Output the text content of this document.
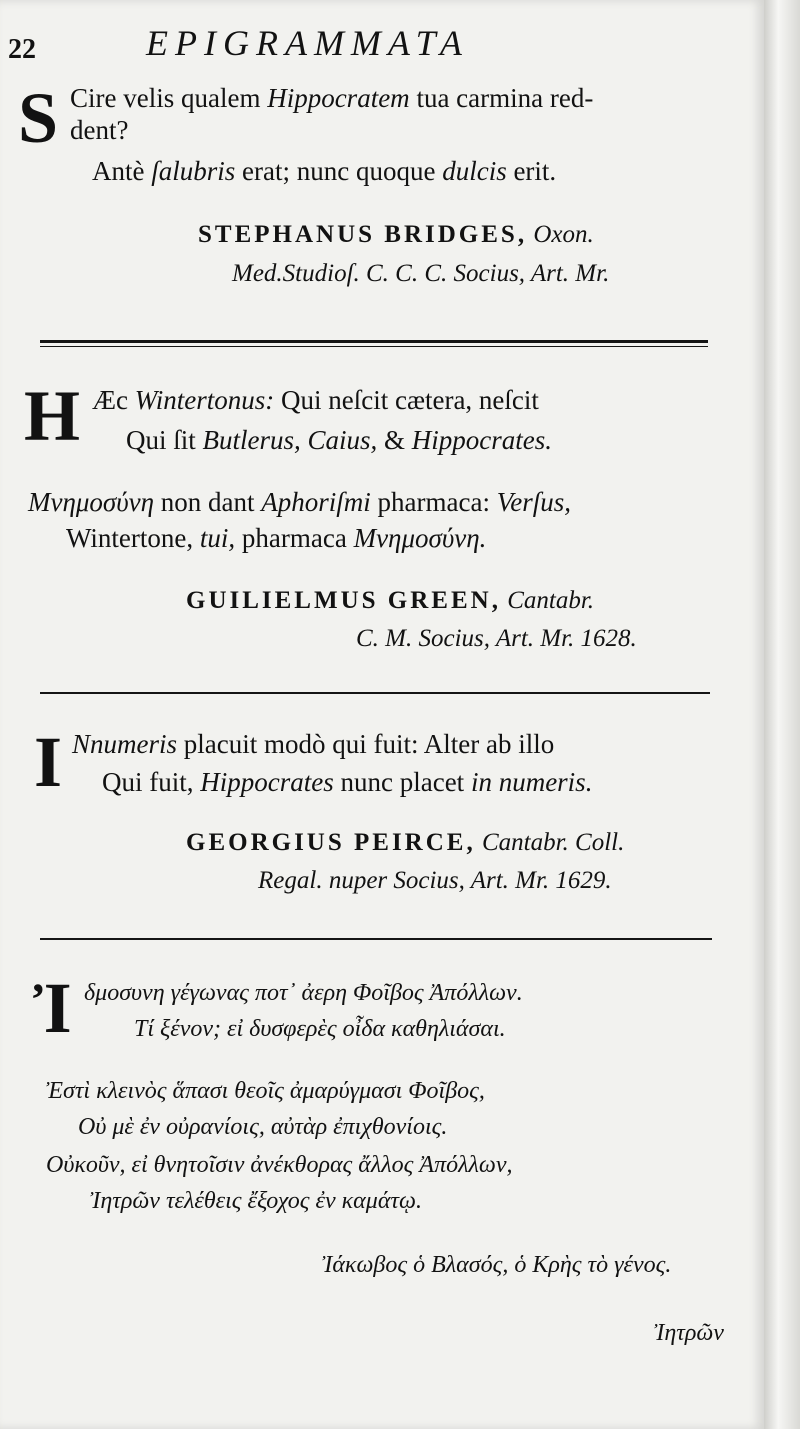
22	EPIGRAMMATA
S Cire velis qualem Hippocratem tua carmina red-
dent?
Antè ſalubris erat; nunc quoque dulcis erit.
STEPHANUS BRIDGES, Oxon.
Med.Studioſ. C. C. C. Socius, Art. Mr.
H Æc Wintertonus: Qui neſcit cætera, neſcit
Qui ſit Butlerus, Caius, & Hippocrates.
Μνημοσύνη non dant Aphoriſmi pharmaca: Verſus,
Wintertone, tui, pharmaca Μνημοσύνη.
GUILIELMUS GREEN, Cantabr.
C. M. Socius, Art. Mr. 1628.
I Nnumeris placuit modò qui fuit: Alter ab illo
Qui fuit, Hippocrates nunc placet in numeris.
GEORGIUS PEIRCE, Cantabr. Coll.
Regal. nuper Socius, Art. Mr. 1629.
Ἰ δμοσυνη γέγωνας ποτ᾽ ἀερη Φοῖβος Ἀπόλλων.
Τί ξένον; εἰ δυσφερὲς οἶδα καθηλιάσαι.
Ἐστὶ κλεινὸς ἅπασι θεοῖς ἀμαρύγμασι Φοῖβος,
Οὐ μὲ ἐν οὐρανίοις, αὐτὰρ ἐπιχθονίοις.
Οὐκοῦν, εἰ θνητοῖσιν ἀνέκθορας ἄλλος Ἀπόλλων,
Ἰητρῶν τελέθεις ἔξοχος ἐν καμάτῳ.
Ἰάκωβος ὁ Βλασός, ὁ Κρὴς τὸ γένος.
Ἰητρῶν
